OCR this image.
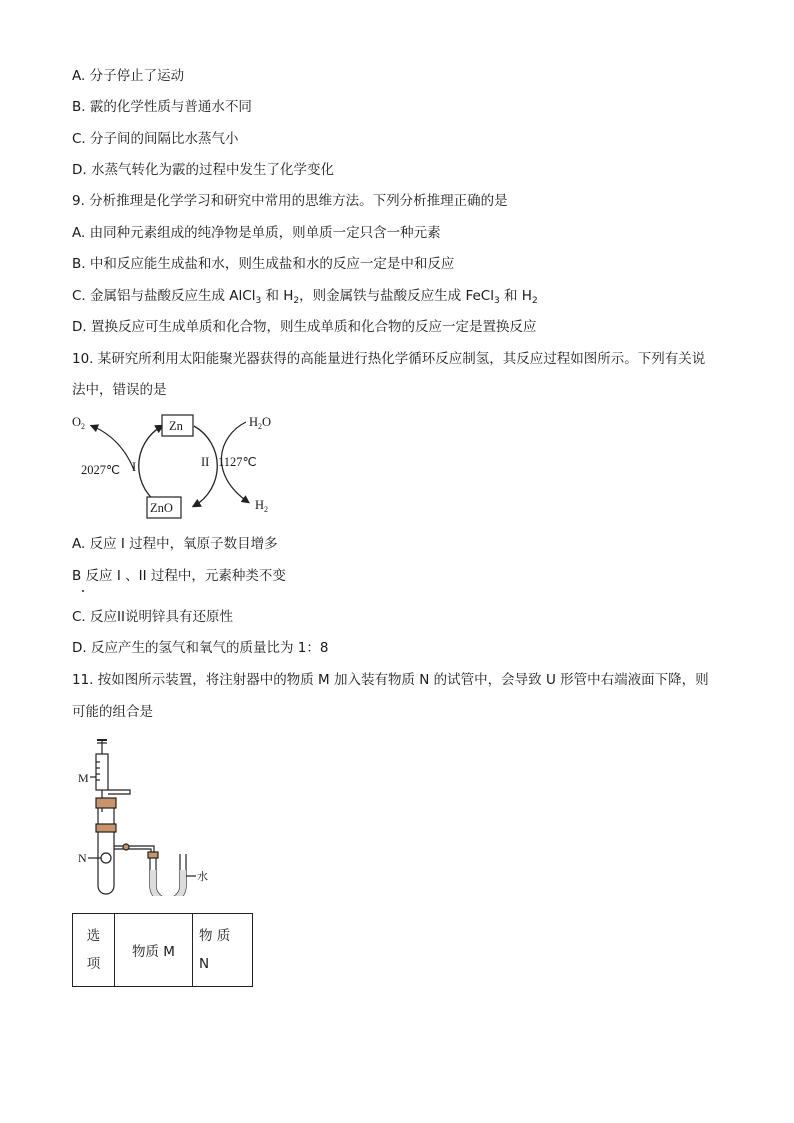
A. 分子停止了运动
B. 霰的化学性质与普通水不同
C. 分子间的间隔比水蒸气小
D. 水蒸气转化为霰的过程中发生了化学变化
9. 分析推理是化学学习和研究中常用的思维方法。下列分析推理正确的是
A. 由同种元素组成的纯净物是单质，则单质一定只含一种元素
B. 中和反应能生成盐和水，则生成盐和水的反应一定是中和反应
C. 金属铝与盐酸反应生成 AlCl$_3$ 和 $H_2$，则金属铁与盐酸反应生成 FeCl$_3$ 和 $H_2$
D. 置换反应可生成单质和化合物，则生成单质和化合物的反应一定是置换反应
10. 某研究所利用太阳能聚光器获得的高能量进行热化学循环反应制氢，其反应过程如图所示。下列有关说
法中，错误的是
Zn
ZnO
$O_2$	$H_2O$
$H_2$
2027℃
1127℃
I	II
A. 反应 I 过程中，氧原子数目增多
B 反应 I 、II 过程中，元素种类不变
C. 反应II说明锌具有还原性
D. 反应产生的氢气和氧气的质量比为 1：8
11. 按如图所示装置，将注射器中的物质 M 加入装有物质 N 的试管中，会导致 U 形管中右端液面下降，则
可能的组合是
M
N
水
选
项	物质 M	物 质
N
